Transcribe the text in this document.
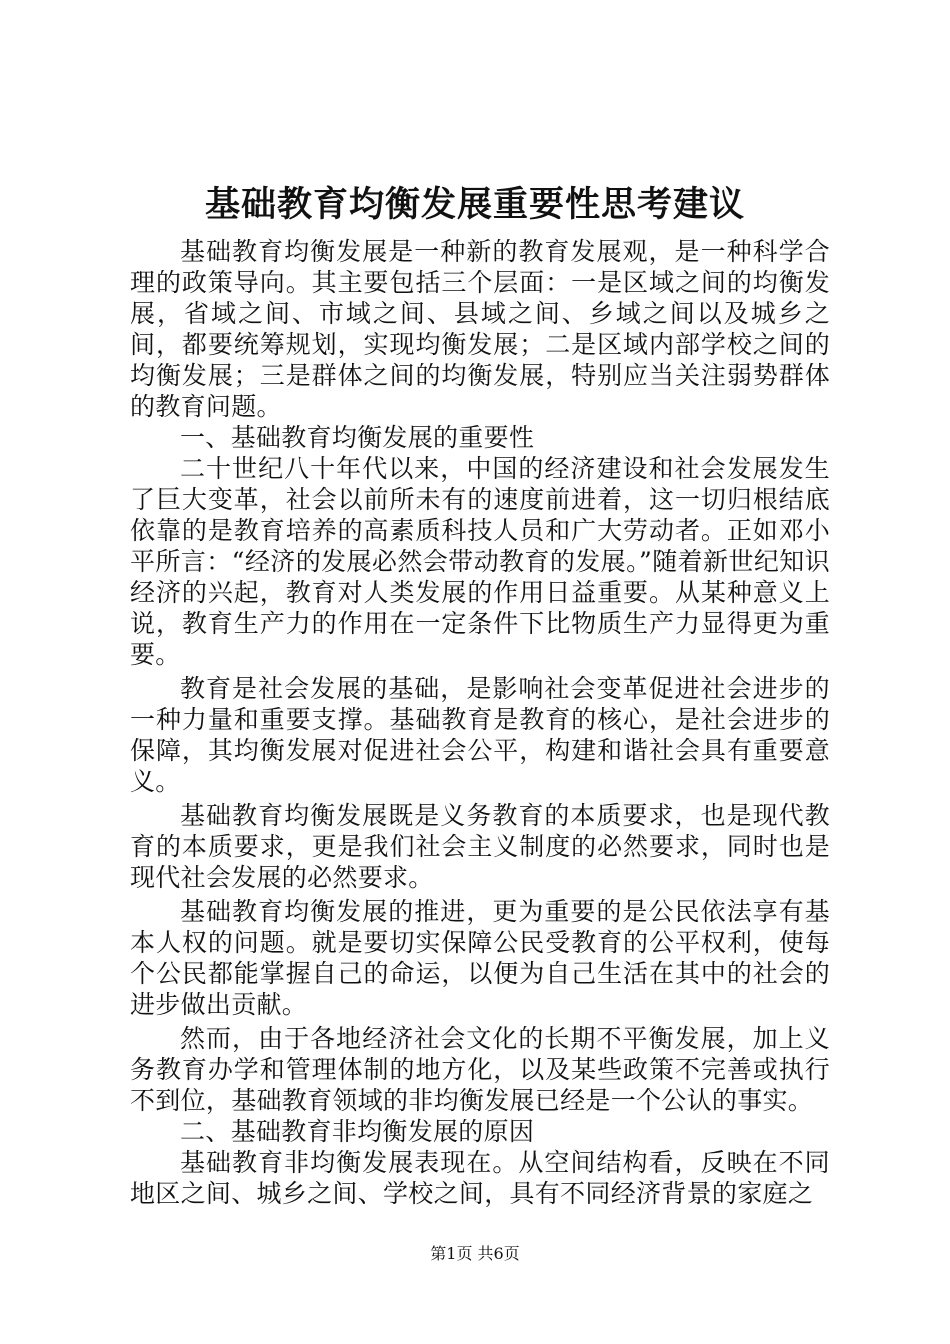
基础教育均衡发展重要性思考建议

基础教育均衡发展是一种新的教育发展观，是一种科学合理的政策导向。其主要包括三个层面：一是区域之间的均衡发展，省域之间、市域之间、县域之间、乡域之间以及城乡之间，都要统筹规划，实现均衡发展；二是区域内部学校之间的均衡发展；三是群体之间的均衡发展，特别应当关注弱势群体的教育问题。

一、基础教育均衡发展的重要性

二十世纪八十年代以来，中国的经济建设和社会发展发生了巨大变革，社会以前所未有的速度前进着，这一切归根结底依靠的是教育培养的高素质科技人员和广大劳动者。正如邓小平所言：“经济的发展必然会带动教育的发展。”随着新世纪知识经济的兴起，教育对人类发展的作用日益重要。从某种意义上说，教育生产力的作用在一定条件下比物质生产力显得更为重要。

教育是社会发展的基础，是影响社会变革促进社会进步的一种力量和重要支撑。基础教育是教育的核心，是社会进步的保障，其均衡发展对促进社会公平，构建和谐社会具有重要意义。

基础教育均衡发展既是义务教育的本质要求，也是现代教育的本质要求，更是我们社会主义制度的必然要求，同时也是现代社会发展的必然要求。

基础教育均衡发展的推进，更为重要的是公民依法享有基本人权的问题。就是要切实保障公民受教育的公平权利，使每个公民都能掌握自己的命运，以便为自己生活在其中的社会的进步做出贡献。

然而，由于各地经济社会文化的长期不平衡发展，加上义务教育办学和管理体制的地方化，以及某些政策不完善或执行不到位，基础教育领域的非均衡发展已经是一个公认的事实。

二、基础教育非均衡发展的原因

基础教育非均衡发展表现在。从空间结构看，反映在不同地区之间、城乡之间、学校之间，具有不同经济背景的家庭之

第1页 共6页
